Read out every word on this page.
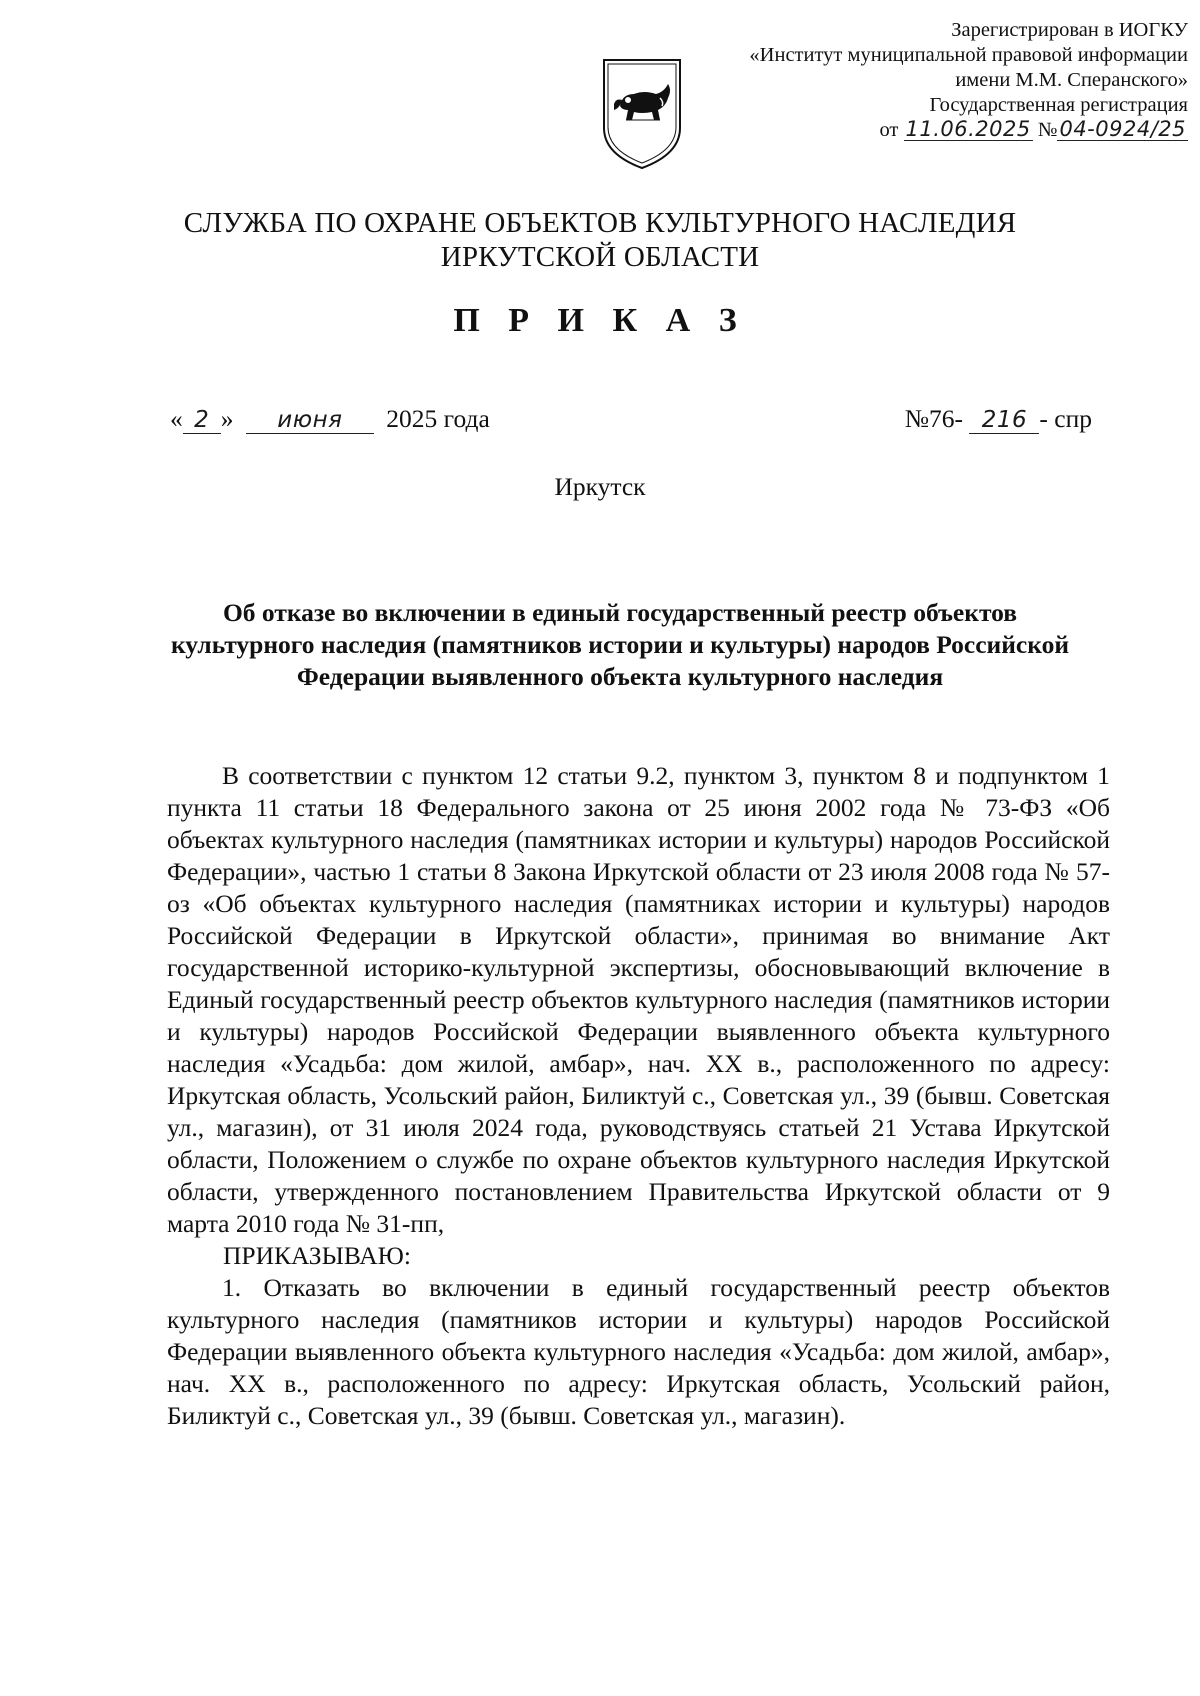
Зарегистрирован в ИОГКУ
«Институт муниципальной правовой информации
имени М.М. Сперанского»
Государственная регистрация
от 11.06.2025 №04-0924/25
СЛУЖБА ПО ОХРАНЕ ОБЪЕКТОВ КУЛЬТУРНОГО НАСЛЕДИЯ
ИРКУТСКОЙ ОБЛАСТИ
П Р И К А З
« 2 » июня 2025 года	№76- 216 - спр
Иркутск
Об отказе во включении в единый государственный реестр объектов культурного наследия (памятников истории и культуры) народов Российской Федерации выявленного объекта культурного наследия

В соответствии с пунктом 12 статьи 9.2, пунктом 3, пунктом 8 и подпунктом 1 пункта 11 статьи 18 Федерального закона от 25 июня 2002 года № 73-ФЗ «Об объектах культурного наследия (памятниках истории и культуры) народов Российской Федерации», частью 1 статьи 8 Закона Иркутской области от 23 июля 2008 года № 57-оз «Об объектах культурного наследия (памятниках истории и культуры) народов Российской Федерации в Иркутской области», принимая во внимание Акт государственной историко-культурной экспертизы, обосновывающий включение в Единый государственный реестр объектов культурного наследия (памятников истории и культуры) народов Российской Федерации выявленного объекта культурного наследия «Усадьба: дом жилой, амбар», нач. XX в., расположенного по адресу: Иркутская область, Усольский район, Биликтуй с., Советская ул., 39 (бывш. Советская ул., магазин), от 31 июля 2024 года, руководствуясь статьей 21 Устава Иркутской области, Положением о службе по охране объектов культурного наследия Иркутской области, утвержденного постановлением Правительства Иркутской области от 9 марта 2010 года № 31-пп,

ПРИКАЗЫВАЮ:

1. Отказать во включении в единый государственный реестр объектов культурного наследия (памятников истории и культуры) народов Российской Федерации выявленного объекта культурного наследия «Усадьба: дом жилой, амбар», нач. XX в., расположенного по адресу: Иркутская область, Усольский район, Биликтуй с., Советская ул., 39 (бывш. Советская ул., магазин).
